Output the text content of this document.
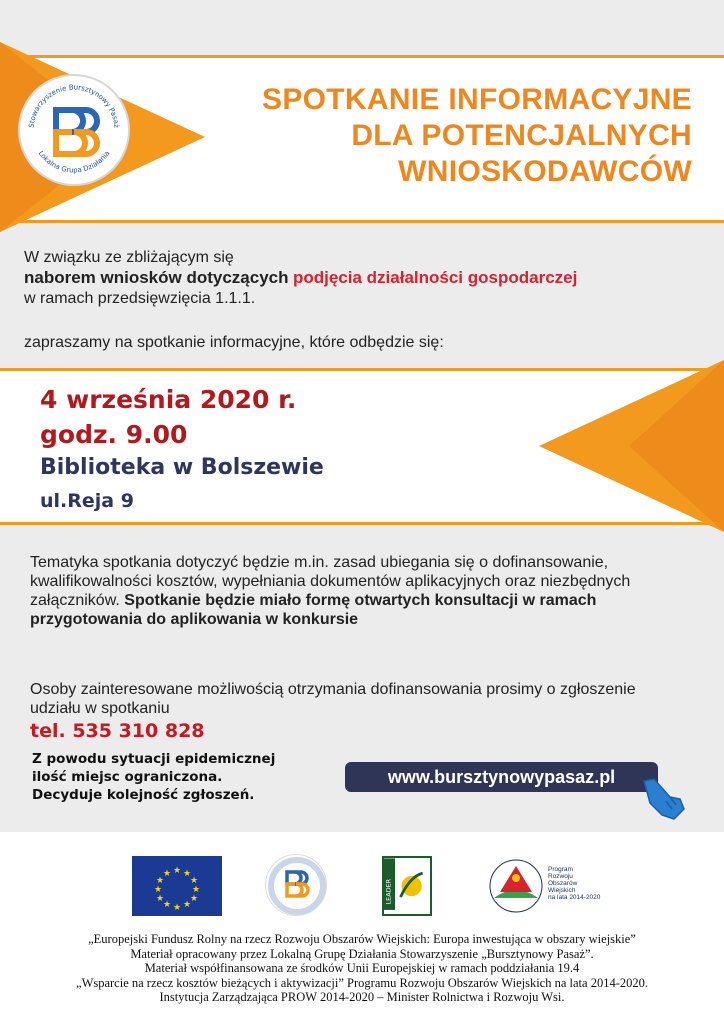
Stowarzyszenie Bursztynowy Pasaż
Lokalna Grupa Działania
SPOTKANIE INFORMACYJNE
DLA POTENCJALNYCH
WNIOSKODAWCÓW
W związku ze zbliżającym się
naborem wniosków dotyczących podjęcia działalności gospodarczej
w ramach przedsięwzięcia 1.1.1.
zapraszamy na spotkanie informacyjne, które odbędzie się:
4 września 2020 r.
godz. 9.00
Biblioteka w Bolszewie
ul.Reja 9
Tematyka spotkania dotyczyć będzie m.in. zasad ubiegania się o dofinansowanie, kwalifikowalności kosztów, wypełniania dokumentów aplikacyjnych oraz niezbędnych załączników. Spotkanie będzie miało formę otwartych konsultacji w ramach przygotowania do aplikowania w konkursie
Osoby zainteresowane możliwością otrzymania dofinansowania prosimy o zgłoszenie udziału w spotkaniu
tel. 535 310 828
Z powodu sytuacji epidemicznej
ilość miejsc ograniczona.
Decyduje kolejność zgłoszeń.
www.bursztynowypasaz.pl
★ ★
★
★
★
★
★
★
★
★
★
★
LEADER
Program
Rozwoju
Obszarów
Wiejskich
na lata 2014-2020
„Europejski Fundusz Rolny na rzecz Rozwoju Obszarów Wiejskich: Europa inwestująca w obszary wiejskie”
Materiał opracowany przez Lokalną Grupę Działania Stowarzyszenie „Bursztynowy Pasaż”.
Materiał współfinansowana ze środków Unii Europejskiej w ramach poddziałania 19.4
„Wsparcie na rzecz kosztów bieżących i aktywizacji” Programu Rozwoju Obszarów Wiejskich na lata 2014-2020.
Instytucja Zarządzająca PROW 2014-2020 – Minister Rolnictwa i Rozwoju Wsi.
